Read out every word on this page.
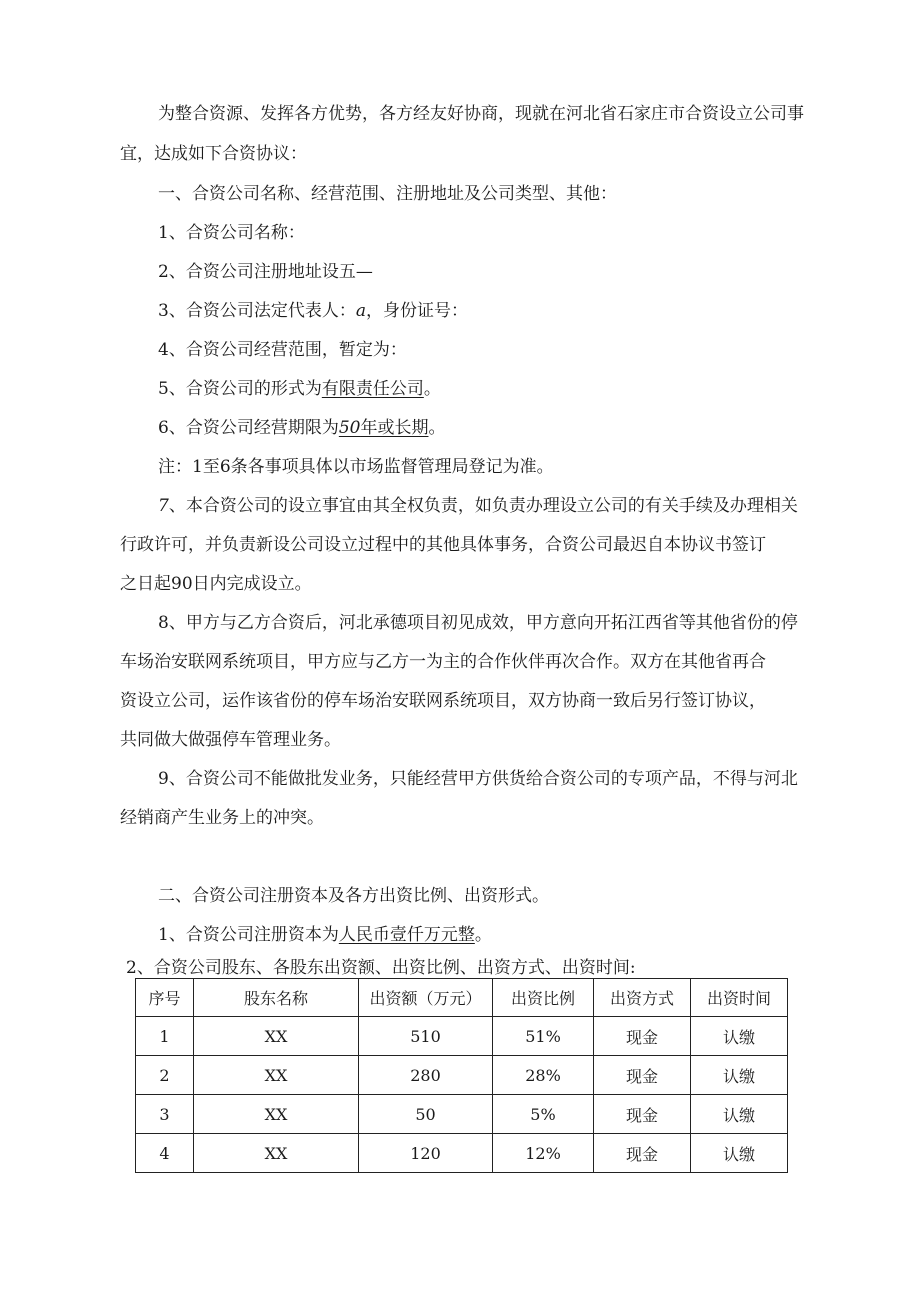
为整合资源、发挥各方优势，各方经友好协商，现就在河北省石家庄市合资设立公司事

宜，达成如下合资协议：

一、合资公司名称、经营范围、注册地址及公司类型、其他：

1、合资公司名称：

2、合资公司注册地址设五—

3、合资公司法定代表人：a，身份证号：

4、合资公司经营范围，暂定为：

5、合资公司的形式为有限责任公司。

6、合资公司经营期限为50年或长期。

注：1至6条各事项具体以市场监督管理局登记为准。

7、本合资公司的设立事宜由其全权负责，如负责办理设立公司的有关手续及办理相关

行政许可，并负责新设公司设立过程中的其他具体事务，合资公司最迟自本协议书签订

之日起90日内完成设立。

8、甲方与乙方合资后，河北承德项目初见成效，甲方意向开拓江西省等其他省份的停

车场治安联网系统项目，甲方应与乙方一为主的合作伙伴再次合作。双方在其他省再合

资设立公司，运作该省份的停车场治安联网系统项目，双方协商一致后另行签订协议，

共同做大做强停车管理业务。

9、合资公司不能做批发业务，只能经营甲方供货给合资公司的专项产品，不得与河北

经销商产生业务上的冲突。

二、合资公司注册资本及各方出资比例、出资形式。

1、合资公司注册资本为人民币壹仟万元整。

2、合资公司股东、各股东出资额、出资比例、出资方式、出资时间:

序号	股东名称	出资额（万元）	出资比例	出资方式	出资时间
1	XX	510	51%	现金	认缴
2	XX	280	28%	现金	认缴
3	XX	50	5%	现金	认缴
4	XX	120	12%	现金	认缴
